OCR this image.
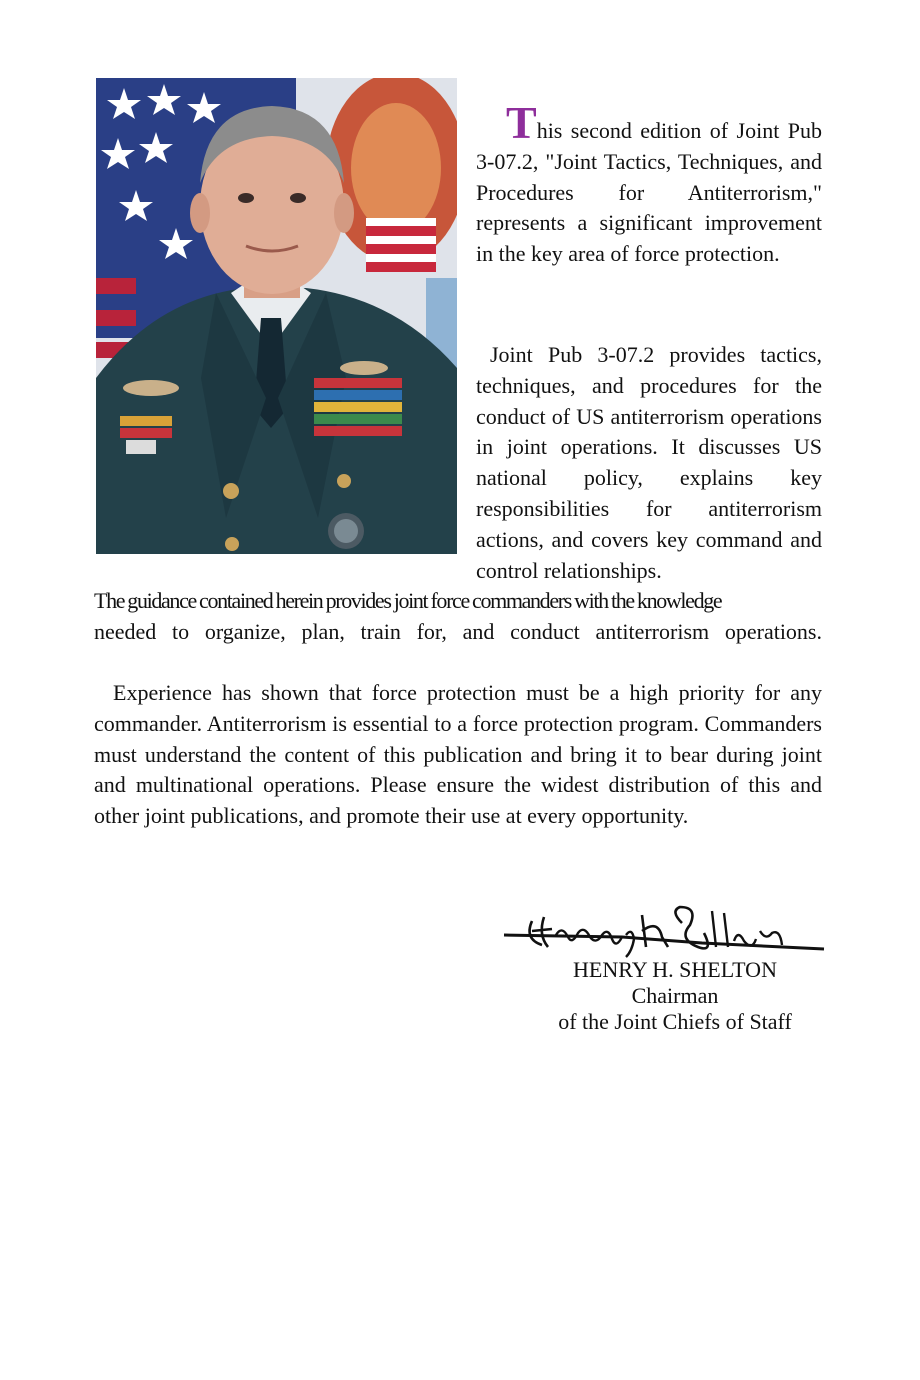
This second edition of Joint Pub 3-07.2, "Joint Tactics, Techniques, and Procedures for Antiterrorism," represents a significant improvement in the key area of force protection.
Joint Pub 3-07.2 provides tactics, techniques, and procedures for the conduct of US antiterrorism operations in joint operations. It discusses US national policy, explains key responsibilities for antiterrorism actions, and covers key command and control relationships.
The guidance contained herein provides joint force commanders with the knowledge
needed to organize, plan, train for, and conduct antiterrorism operations.
Experience has shown that force protection must be a high priority for any commander. Antiterrorism is essential to a force protection program. Commanders must understand the content of this publication and bring it to bear during joint and multinational operations. Please ensure the widest distribution of this and other joint publications, and promote their use at every opportunity.
HENRY H. SHELTON
Chairman
of the Joint Chiefs of Staff
